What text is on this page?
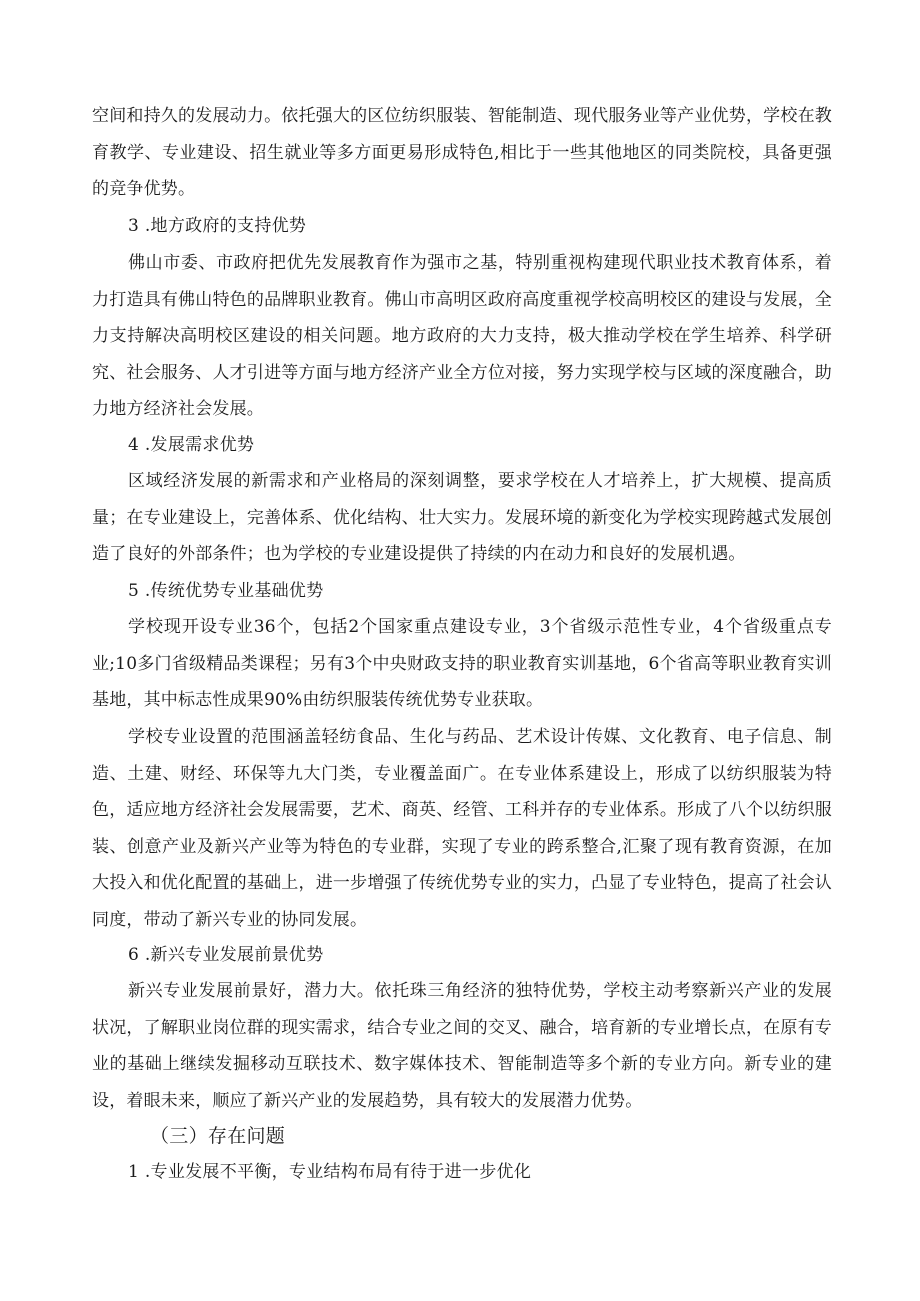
空间和持久的发展动力。依托强大的区位纺织服装、智能制造、现代服务业等产业优势，学校在教育教学、专业建设、招生就业等多方面更易形成特色,相比于一些其他地区的同类院校，具备更强的竞争优势。

3 .地方政府的支持优势

佛山市委、市政府把优先发展教育作为强市之基，特别重视构建现代职业技术教育体系，着力打造具有佛山特色的品牌职业教育。佛山市高明区政府高度重视学校高明校区的建设与发展，全力支持解决高明校区建设的相关问题。地方政府的大力支持，极大推动学校在学生培养、科学研究、社会服务、人才引进等方面与地方经济产业全方位对接，努力实现学校与区域的深度融合，助力地方经济社会发展。

4 .发展需求优势

区域经济发展的新需求和产业格局的深刻调整，要求学校在人才培养上，扩大规模、提高质量；在专业建设上，完善体系、优化结构、壮大实力。发展环境的新变化为学校实现跨越式发展创造了良好的外部条件；也为学校的专业建设提供了持续的内在动力和良好的发展机遇。

5 .传统优势专业基础优势

学校现开设专业36个，包括2个国家重点建设专业，3个省级示范性专业，4个省级重点专业;10多门省级精品类课程；另有3个中央财政支持的职业教育实训基地，6个省高等职业教育实训基地，其中标志性成果90%由纺织服装传统优势专业获取。

学校专业设置的范围涵盖轻纺食品、生化与药品、艺术设计传媒、文化教育、电子信息、制造、土建、财经、环保等九大门类，专业覆盖面广。在专业体系建设上，形成了以纺织服装为特色，适应地方经济社会发展需要，艺术、商英、经管、工科并存的专业体系。形成了八个以纺织服装、创意产业及新兴产业等为特色的专业群，实现了专业的跨系整合,汇聚了现有教育资源，在加大投入和优化配置的基础上，进一步增强了传统优势专业的实力，凸显了专业特色，提高了社会认同度，带动了新兴专业的协同发展。

6 .新兴专业发展前景优势

新兴专业发展前景好，潜力大。依托珠三角经济的独特优势，学校主动考察新兴产业的发展状况，了解职业岗位群的现实需求，结合专业之间的交叉、融合，培育新的专业增长点，在原有专业的基础上继续发掘移动互联技术、数字媒体技术、智能制造等多个新的专业方向。新专业的建设，着眼未来，顺应了新兴产业的发展趋势，具有较大的发展潜力优势。

（三）存在问题

1 .专业发展不平衡，专业结构布局有待于进一步优化
